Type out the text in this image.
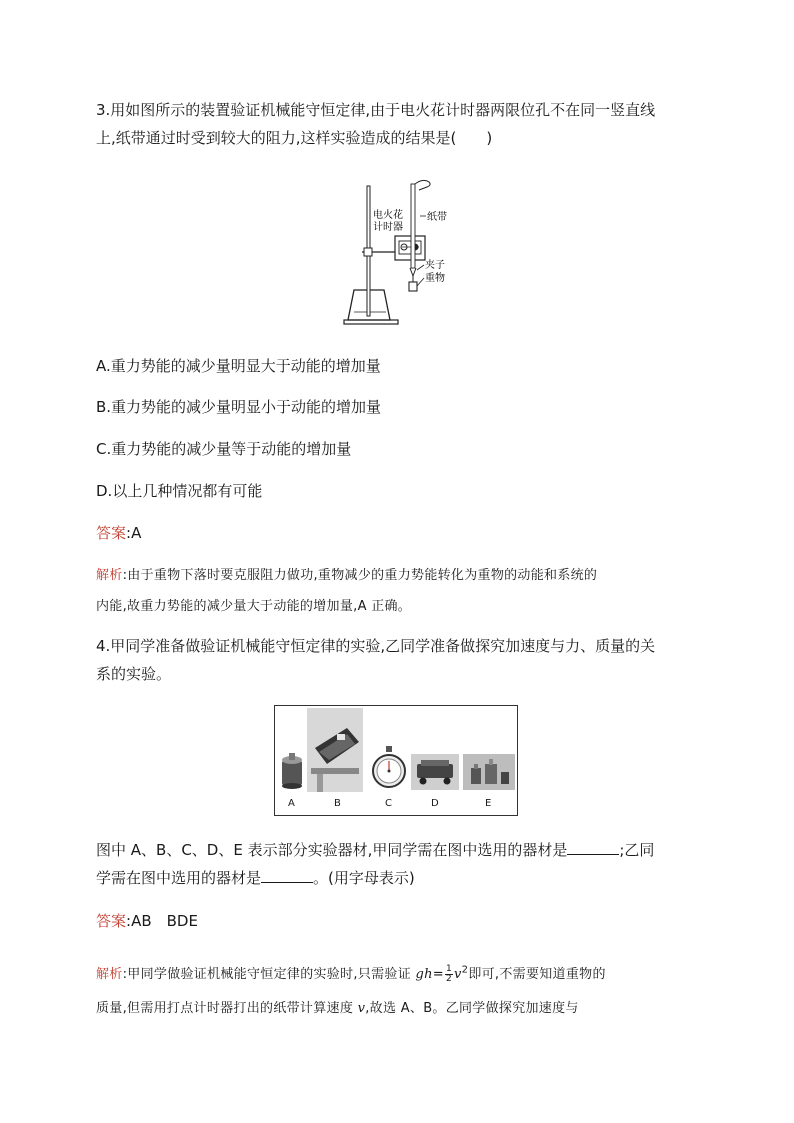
3.用如图所示的装置验证机械能守恒定律,由于电火花计时器两限位孔不在同一竖直线
上,纸带通过时受到较大的阻力,这样实验造成的结果是(　　)
电火花
计时器
纸带
夹子
重物
A.重力势能的减少量明显大于动能的增加量
B.重力势能的减少量明显小于动能的增加量
C.重力势能的减少量等于动能的增加量
D.以上几种情况都有可能
答案:A
解析:由于重物下落时要克服阻力做功,重物减少的重力势能转化为重物的动能和系统的
内能,故重力势能的减少量大于动能的增加量,A 正确。
4.甲同学准备做验证机械能守恒定律的实验,乙同学准备做探究加速度与力、质量的关
系的实验。
A	B	C	D	E
图中 A、B、C、D、E 表示部分实验器材,甲同学需在图中选用的器材是	;乙同
学需在图中选用的器材是	。(用字母表示)
答案:AB　BDE
解析:甲同学做验证机械能守恒定律的实验时,只需验证 $gh= \frac{1}{2} v^2$即可,不需要知道重物的
质量,但需用打点计时器打出的纸带计算速度 v,故选 A、B。乙同学做探究加速度与
